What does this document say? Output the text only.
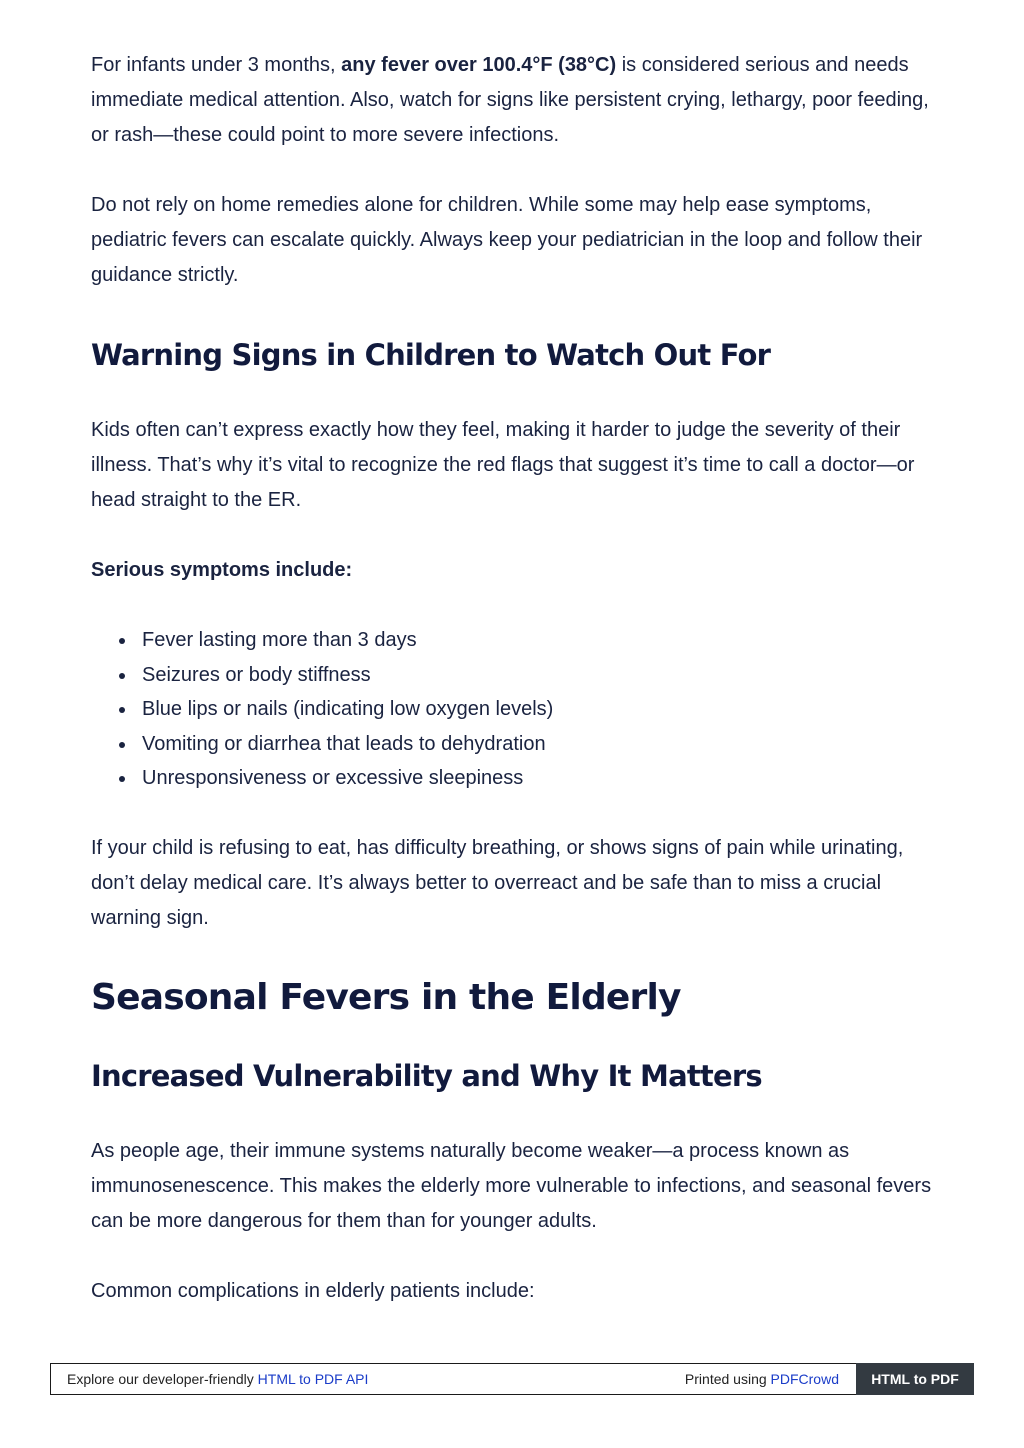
For infants under 3 months, any fever over 100.4°F (38°C) is considered serious and needs immediate medical attention. Also, watch for signs like persistent crying, lethargy, poor feeding, or rash—these could point to more severe infections.

Do not rely on home remedies alone for children. While some may help ease symptoms, pediatric fevers can escalate quickly. Always keep your pediatrician in the loop and follow their guidance strictly.

Warning Signs in Children to Watch Out For

Kids often can’t express exactly how they feel, making it harder to judge the severity of their illness. That’s why it’s vital to recognize the red flags that suggest it’s time to call a doctor—or head straight to the ER.

Serious symptoms include:

Fever lasting more than 3 days
Seizures or body stiffness
Blue lips or nails (indicating low oxygen levels)
Vomiting or diarrhea that leads to dehydration
Unresponsiveness or excessive sleepiness

If your child is refusing to eat, has difficulty breathing, or shows signs of pain while urinating, don’t delay medical care. It’s always better to overreact and be safe than to miss a crucial warning sign.

Seasonal Fevers in the Elderly
Increased Vulnerability and Why It Matters

As people age, their immune systems naturally become weaker—a process known as immunosenescence. This makes the elderly more vulnerable to infections, and seasonal fevers can be more dangerous for them than for younger adults.

Common complications in elderly patients include:

Explore our developer-friendly HTML to PDF API	Printed using PDFCrowd	HTML to PDF
